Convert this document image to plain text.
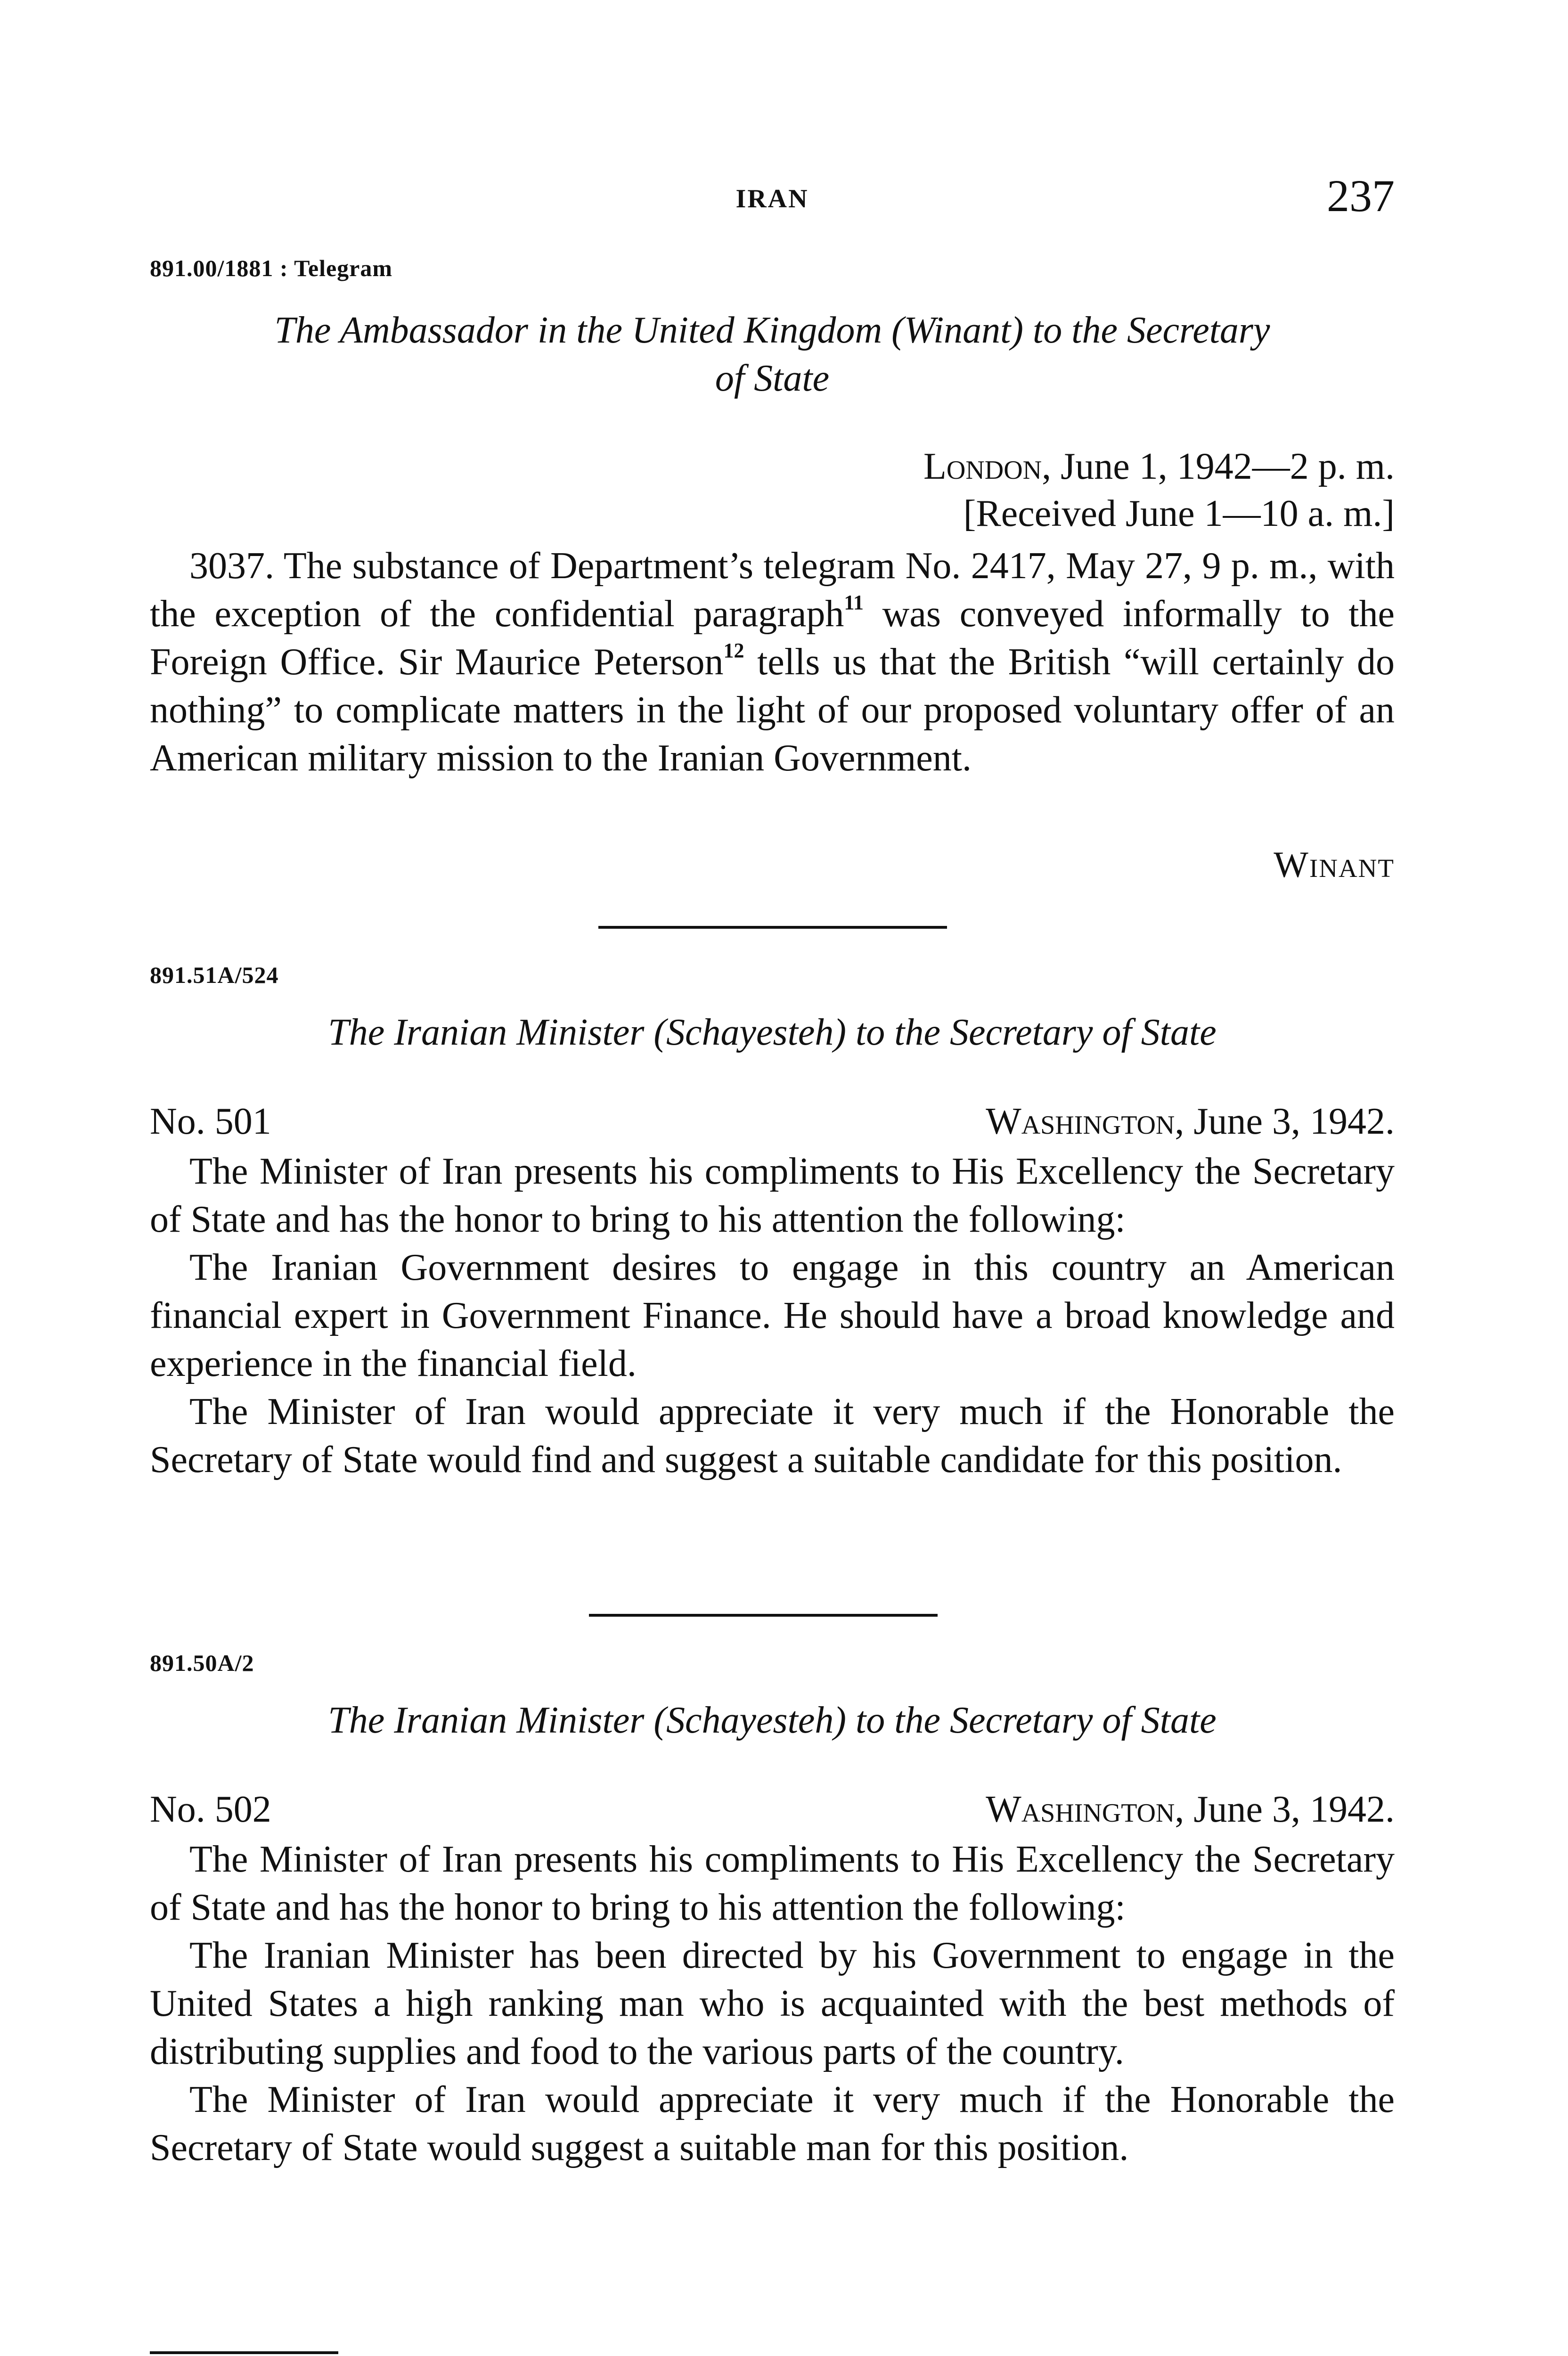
IRAN	237
891.00/1881 : Telegram
The Ambassador in the United Kingdom (Winant) to the Secretary
of State
London, June 1, 1942—2 p. m.
[Received June 1—10 a. m.]

3037. The substance of Department’s telegram No. 2417, May 27, 9 p. m., with the exception of the confidential paragraph$^{11}$ was conveyed informally to the Foreign Office. Sir Maurice Peterson$^{12}$ tells us that the British “will certainly do nothing” to complicate matters in the light of our proposed voluntary offer of an American military mission to the Iranian Government.

Winant
891.51A/524
The Iranian Minister (Schayesteh) to the Secretary of State
No. 501	Washington, June 3, 1942.

The Minister of Iran presents his compliments to His Excellency the Secretary of State and has the honor to bring to his attention the following:

The Iranian Government desires to engage in this country an American financial expert in Government Finance. He should have a broad knowledge and experience in the financial field.

The Minister of Iran would appreciate it very much if the Honorable the Secretary of State would find and suggest a suitable candidate for this position.

891.50A/2
The Iranian Minister (Schayesteh) to the Secretary of State
No. 502	Washington, June 3, 1942.

The Minister of Iran presents his compliments to His Excellency the Secretary of State and has the honor to bring to his attention the following:

The Iranian Minister has been directed by his Government to engage in the United States a high ranking man who is acquainted with the best methods of distributing supplies and food to the various parts of the country.

The Minister of Iran would appreciate it very much if the Honorable the Secretary of State would suggest a suitable man for this position.
